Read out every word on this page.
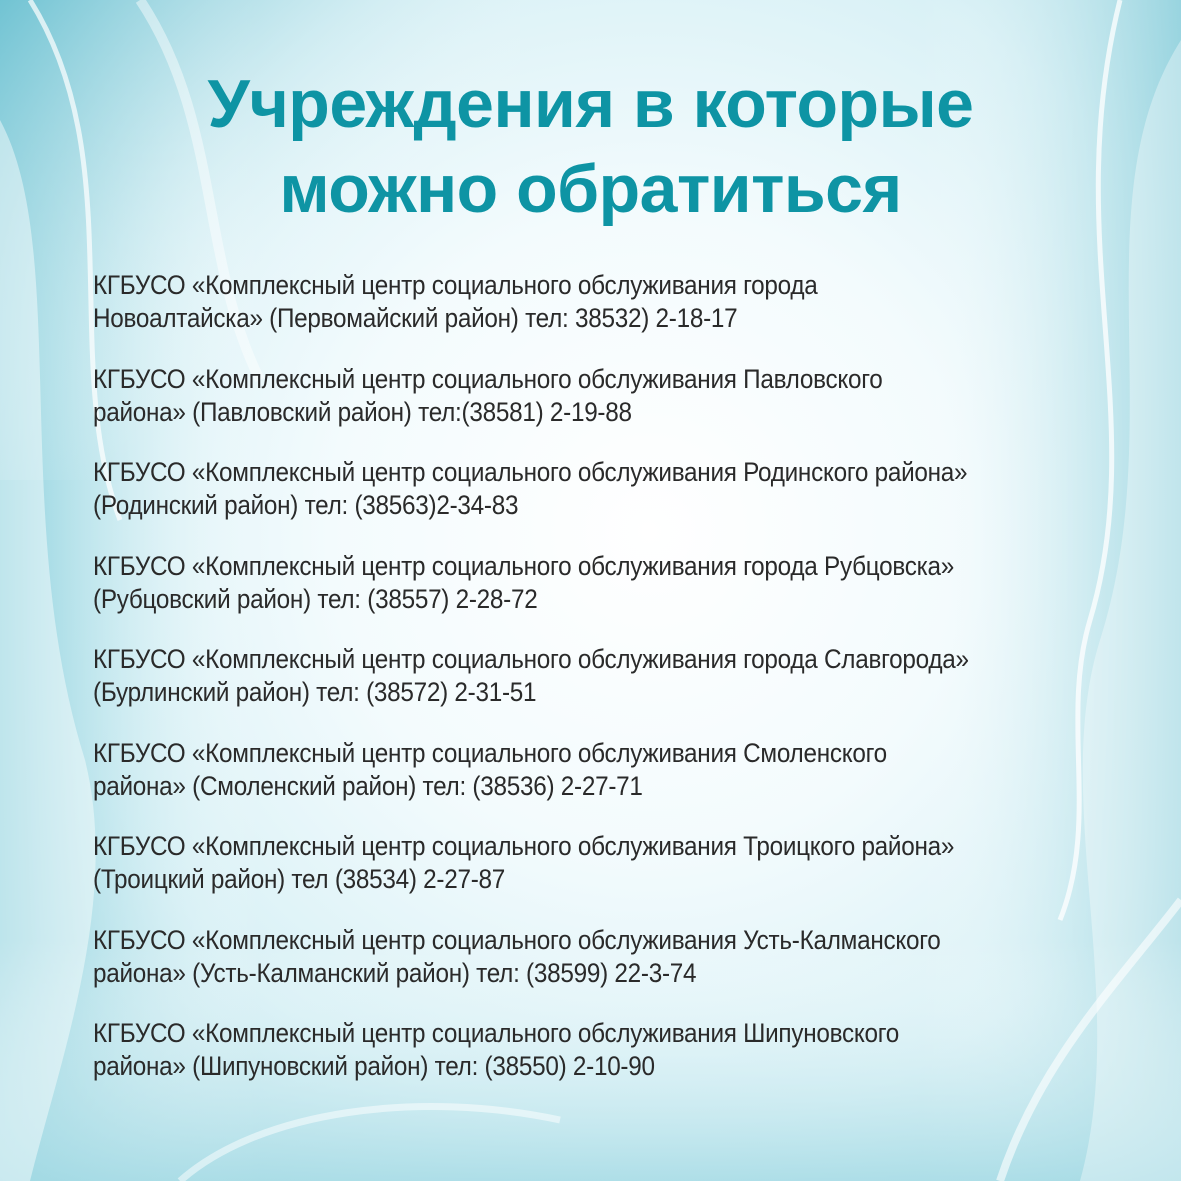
Учреждения в которые
можно обратиться
КГБУСО «Комплексный центр социального обслуживания города
Новоалтайска» (Первомайский район) тел: 38532) 2-18-17
КГБУСО «Комплексный центр социального обслуживания Павловского
района» (Павловский район) тел:(38581) 2-19-88
КГБУСО «Комплексный центр социального обслуживания Родинского района»
(Родинский район) тел: (38563)2-34-83
КГБУСО «Комплексный центр социального обслуживания города Рубцовска»
(Рубцовский район) тел: (38557) 2-28-72
КГБУСО «Комплексный центр социального обслуживания города Славгорода»
(Бурлинский район) тел: (38572) 2-31-51
КГБУСО «Комплексный центр социального обслуживания Смоленского
района» (Смоленский район) тел: (38536) 2-27-71
КГБУСО «Комплексный центр социального обслуживания Троицкого района»
(Троицкий район) тел (38534) 2-27-87
КГБУСО «Комплексный центр социального обслуживания Усть-Калманского
района» (Усть-Калманский район) тел: (38599) 22-3-74
КГБУСО «Комплексный центр социального обслуживания Шипуновского
района» (Шипуновский район) тел: (38550) 2-10-90
